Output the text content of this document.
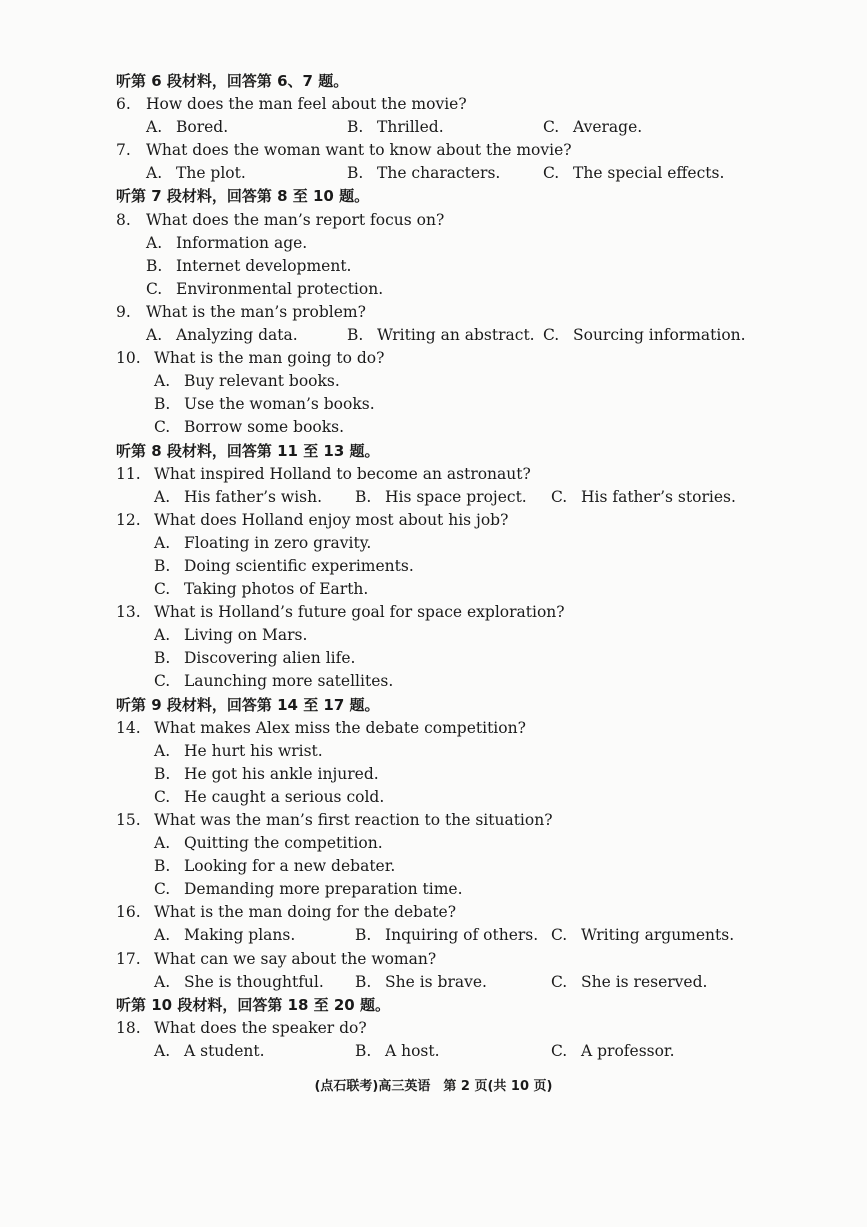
听第 6 段材料，回答第 6、7 题。
6. How does the man feel about the movie?
A. Bored.	B. Thrilled.	C. Average.
7. What does the woman want to know about the movie?
A. The plot.	B. The characters.	C. The special effects.
听第 7 段材料，回答第 8 至 10 题。
8. What does the man’s report focus on?
A. Information age.
B. Internet development.
C. Environmental protection.
9. What is the man’s problem?
A. Analyzing data.	B. Writing an abstract. C. Sourcing information.
10. What is the man going to do?
A. Buy relevant books.
B. Use the woman’s books.
C. Borrow some books.
听第 8 段材料，回答第 11 至 13 题。
11. What inspired Holland to become an astronaut?
A. His father’s wish.	B. His space project.	C. His father’s stories.
12. What does Holland enjoy most about his job?
A. Floating in zero gravity.
B. Doing scientific experiments.
C. Taking photos of Earth.
13. What is Holland’s future goal for space exploration?
A. Living on Mars.
B. Discovering alien life.
C. Launching more satellites.
听第 9 段材料，回答第 14 至 17 题。
14. What makes Alex miss the debate competition?
A. He hurt his wrist.
B. He got his ankle injured.
C. He caught a serious cold.
15. What was the man’s first reaction to the situation?
A. Quitting the competition.
B. Looking for a new debater.
C. Demanding more preparation time.
16. What is the man doing for the debate?
A. Making plans.	B. Inquiring of others. C. Writing arguments.
17. What can we say about the woman?
A. She is thoughtful.	B. She is brave.	C. She is reserved.
听第 10 段材料，回答第 18 至 20 题。
18. What does the speaker do?
A. A student.	B. A host.	C. A professor.
(点石联考)高三英语　第 2 页(共 10 页)
